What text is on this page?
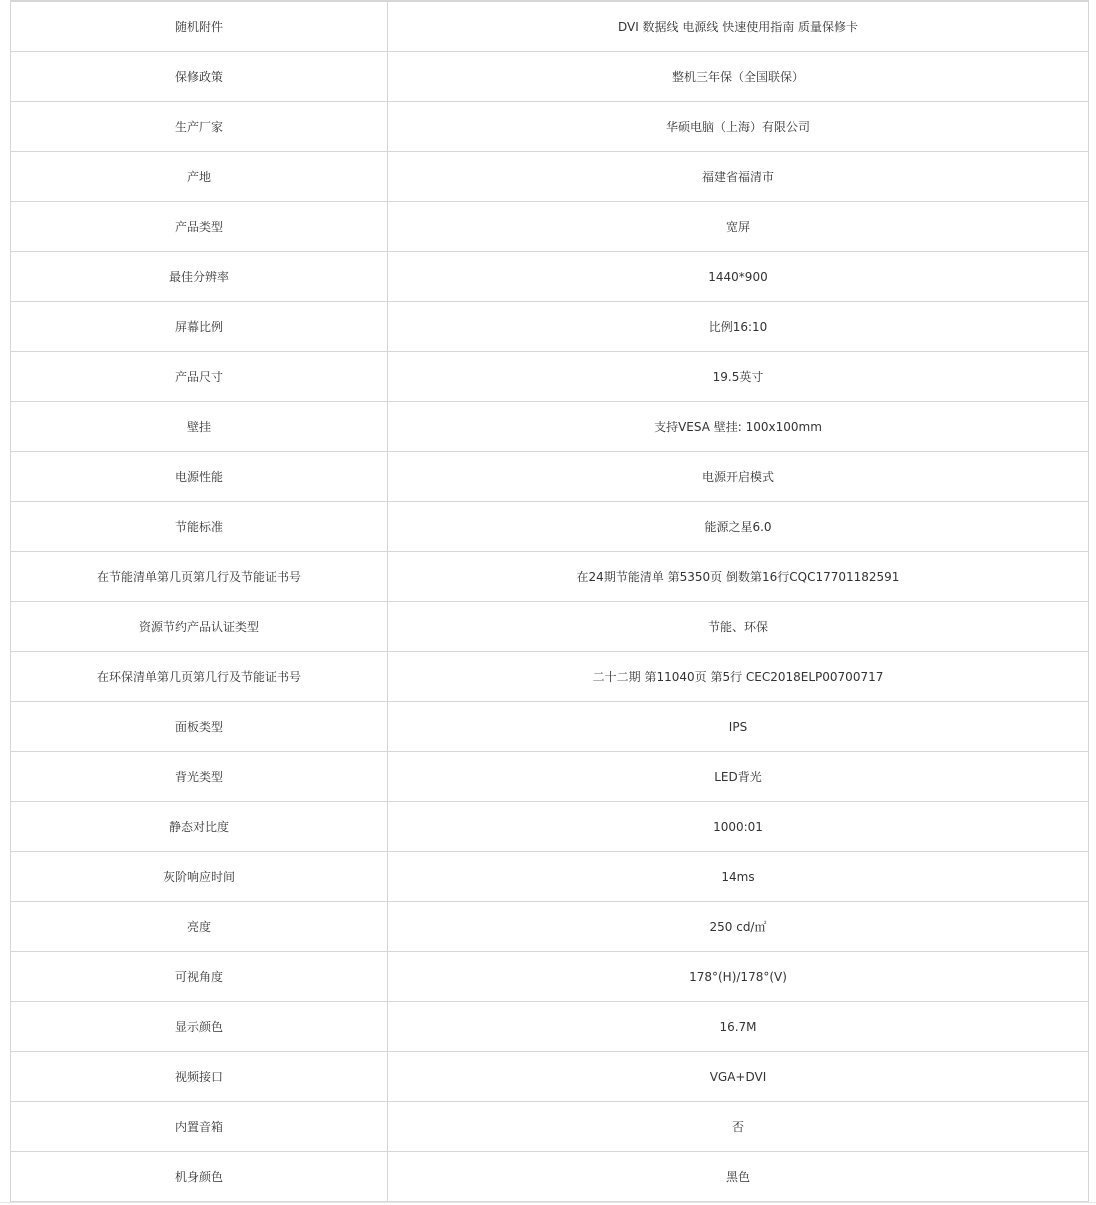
随机附件	DVI 数据线 电源线 快速使用指南 质量保修卡
保修政策	整机三年保（全国联保）
生产厂家	华硕电脑（上海）有限公司
产地	福建省福清市
产品类型	宽屏
最佳分辨率	1440*900
屏幕比例	比例16:10
产品尺寸	19.5英寸
壁挂	支持VESA 壁挂: 100x100mm
电源性能	电源开启模式
节能标准	能源之星6.0
在节能清单第几页第几行及节能证书号	在24期节能清单 第5350页 倒数第16行CQC17701182591
资源节约产品认证类型	节能、环保
在环保清单第几页第几行及节能证书号	二十二期 第11040页 第5行 CEC2018ELP00700717
面板类型	IPS
背光类型	LED背光
静态对比度	1000:01
灰阶响应时间	14ms
亮度	250 cd/㎡
可视角度	178°(H)/178°(V)
显示颜色	16.7M
视频接口	VGA+DVI
内置音箱	否
机身颜色	黑色
